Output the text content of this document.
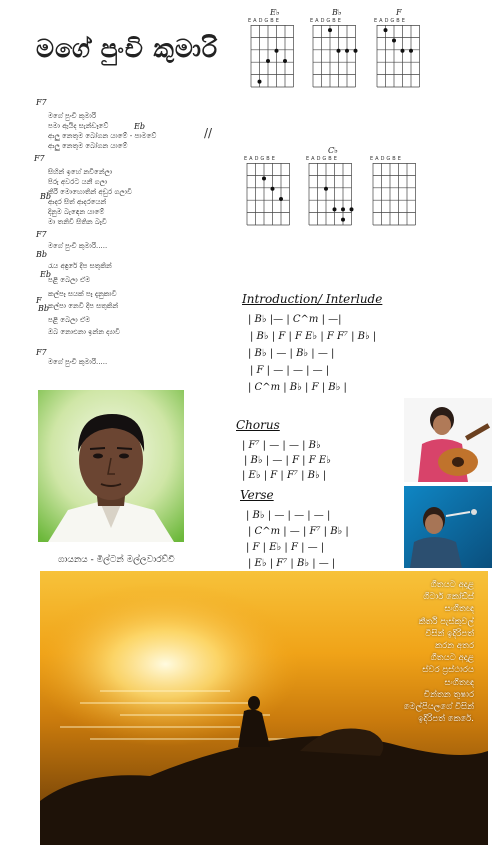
මගේ පුංචි කුමාරි
//
මගේ පුංචි කුමාරි
පමා ඇයිද සැන්ඩෑවේ
ආලු නෙතුම බෝගන යාමේ - පාමවේ
ආලු නෙතුම බෝගන යාමේ
සිහින් ඉහේ නවිනේලා
පිරු අවරට යනී ගලා
කිරි මොහොතින් අඩුර ගලාවී
ආදර සිත් ආදරයෙන්
දිනුම බැඳෙන යාමේ
මා තනිවී සිතින බෑවී
මගේ පුංචි කුමාරි.....
රැය අඳුරේ දීප සතුකින්
පළි බෙලා ඒම
කල්පෑ සයක් පෑ දැනුකාවී
කල්පා නෙවි දීප සතුකින්
පළි බෙලා ඒම
ඔබ නොඑනා ඉන්න ද්‍යාවී
මගේ පුංචි කුමාරි.....
F7
Eb
F7
Bb
F7
Bb
Eb
F
Bb
F7
E♭
EADGBE
B♭
EADGBE
F
EADGBE
EADGBE
C♭
EADGBE	EADGBE
Introduction/ Interlude
| B♭ |— | C^m | —|
| B♭ | F | F E♭ | F F⁷ | B♭ |
| B♭ | — | B♭ | — |
| F | — | — | — |
| C^m | B♭ | F | B♭ |
Chorus
| F⁷ | — | — | B♭
| B♭ | — | F | F E♭
| E♭ | F | F⁷ | B♭ |
Verse
| B♭ | — | — | — |
| C^m | — | F⁷ | B♭ |
| F | E♭ | F | — |
| E♭ | F⁷ | B♭ | — |
ගායනය - මිල්ටන් මල්ලවාරච්චි
ගීතයට අදාළ
ගිටාර් කෝඩ්ස්
සංගීතඥ
කීර්ති පැස්කුවල්
විසින් ඉදිරිපත්
කරන අතර
ගීතයට අදාළ
ස්වර ප්‍රස්ථාරය
සංගීතඥ
චින්තන තුෂාර
මෙල්පියලගේ විසින්
ඉදිරිපත් කෙරේ.
